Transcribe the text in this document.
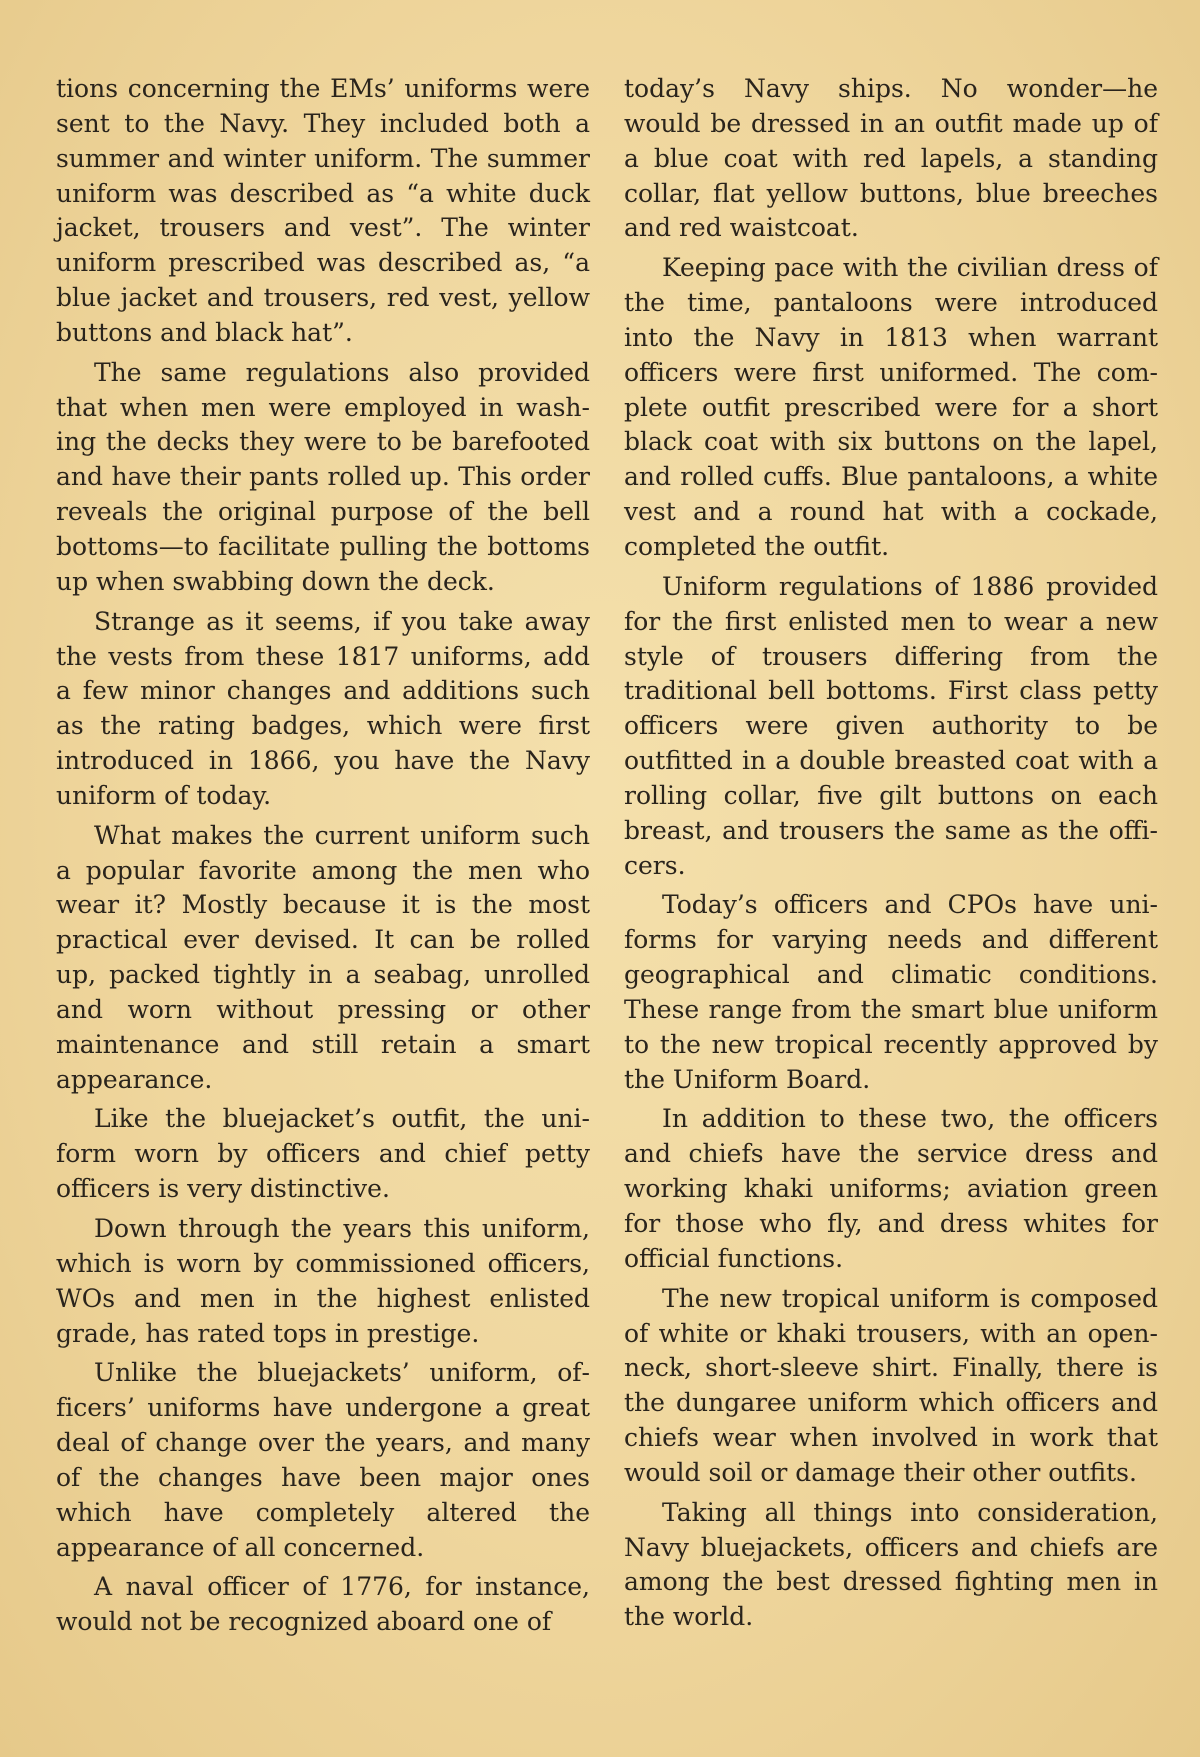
tions concerning the EMs’ uniforms were sent to the Navy. They included both a summer and winter uniform. The summer uniform was described as “a white duck jacket, trousers and vest”. The winter uniform prescribed was described as, “a blue jacket and trousers, red vest, yellow buttons and black hat”.

The same regulations also provided that when men were employed in washing the decks they were to be barefooted and have their pants rolled up. This order reveals the original purpose of the bell bottoms—to facilitate pulling the bottoms up when swabbing down the deck.

Strange as it seems, if you take away the vests from these 1817 uniforms, add a few minor changes and additions such as the rating badges, which were first introduced in 1866, you have the Navy uniform of today.

What makes the current uniform such a popular favorite among the men who wear it? Mostly because it is the most practical ever devised. It can be rolled up, packed tightly in a seabag, unrolled and worn without pressing or other maintenance and still retain a smart appearance.

Like the bluejacket’s outfit, the uniform worn by officers and chief petty officers is very distinctive.

Down through the years this uniform, which is worn by commissioned officers, WOs and men in the highest enlisted grade, has rated tops in prestige.

Unlike the bluejackets’ uniform, officers’ uniforms have undergone a great deal of change over the years, and many of the changes have been major ones which have completely altered the appearance of all concerned.

A naval officer of 1776, for instance, would not be recognized aboard one of

today’s Navy ships. No wonder—he would be dressed in an outfit made up of a blue coat with red lapels, a standing collar, flat yellow buttons, blue breeches and red waistcoat.

Keeping pace with the civilian dress of the time, pantaloons were introduced into the Navy in 1813 when warrant officers were first uniformed. The complete outfit prescribed were for a short black coat with six buttons on the lapel, and rolled cuffs. Blue pantaloons, a white vest and a round hat with a cockade, completed the outfit.

Uniform regulations of 1886 provided for the first enlisted men to wear a new style of trousers differing from the traditional bell bottoms. First class petty officers were given authority to be outfitted in a double breasted coat with a rolling collar, five gilt buttons on each breast, and trousers the same as the officers.

Today’s officers and CPOs have uniforms for varying needs and different geographical and climatic conditions. These range from the smart blue uniform to the new tropical recently approved by the Uniform Board.

In addition to these two, the officers and chiefs have the service dress and working khaki uniforms; aviation green for those who fly, and dress whites for official functions.

The new tropical uniform is composed of white or khaki trousers, with an open-neck, short-sleeve shirt. Finally, there is the dungaree uniform which officers and chiefs wear when involved in work that would soil or damage their other outfits.

Taking all things into consideration, Navy bluejackets, officers and chiefs are among the best dressed fighting men in the world.
